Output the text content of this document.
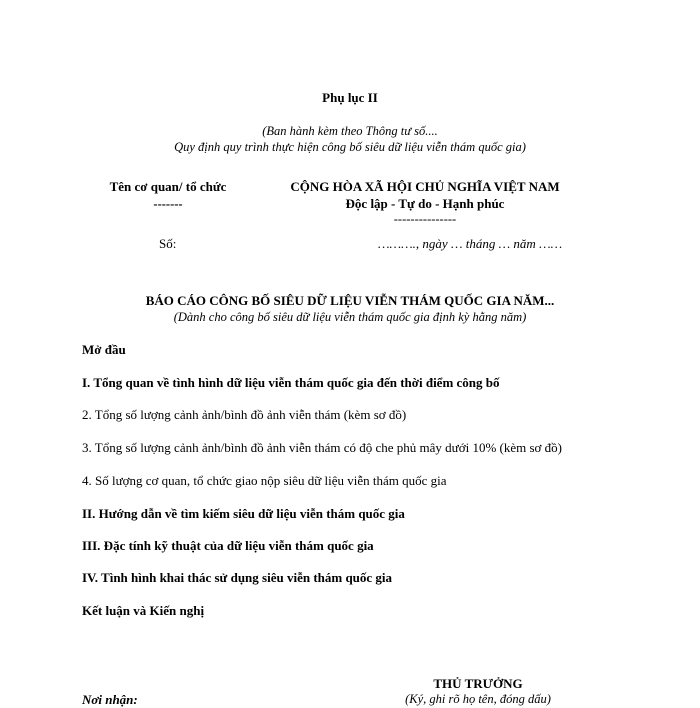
Phụ lục II
(Ban hành kèm theo Thông tư số....
Quy định quy trình thực hiện công bố siêu dữ liệu viễn thám quốc gia)
Tên cơ quan/ tổ chức
-------
Số:
CỘNG HÒA XÃ HỘI CHỦ NGHĨA VIỆT NAM
Độc lập - Tự do - Hạnh phúc
---------------
………., ngày … tháng … năm ……
BÁO CÁO CÔNG BỐ SIÊU DỮ LIỆU VIỄN THÁM QUỐC GIA NĂM...
(Dành cho công bố siêu dữ liệu viễn thám quốc gia định kỳ hằng năm)
Mở đầu
I. Tổng quan về tình hình dữ liệu viễn thám quốc gia đến thời điểm công bố
2. Tổng số lượng cảnh ảnh/bình đồ ảnh viễn thám (kèm sơ đồ)
3. Tổng số lượng cảnh ảnh/bình đồ ảnh viễn thám có độ che phủ mây dưới 10% (kèm sơ đồ)
4. Số lượng cơ quan, tổ chức giao nộp siêu dữ liệu viễn thám quốc gia
II. Hướng dẫn về tìm kiếm siêu dữ liệu viễn thám quốc gia
III. Đặc tính kỹ thuật của dữ liệu viễn thám quốc gia
IV. Tình hình khai thác sử dụng siêu viễn thám quốc gia
Kết luận và Kiến nghị
THỦ TRƯỞNG
(Ký, ghi rõ họ tên, đóng dấu)
Nơi nhận:
